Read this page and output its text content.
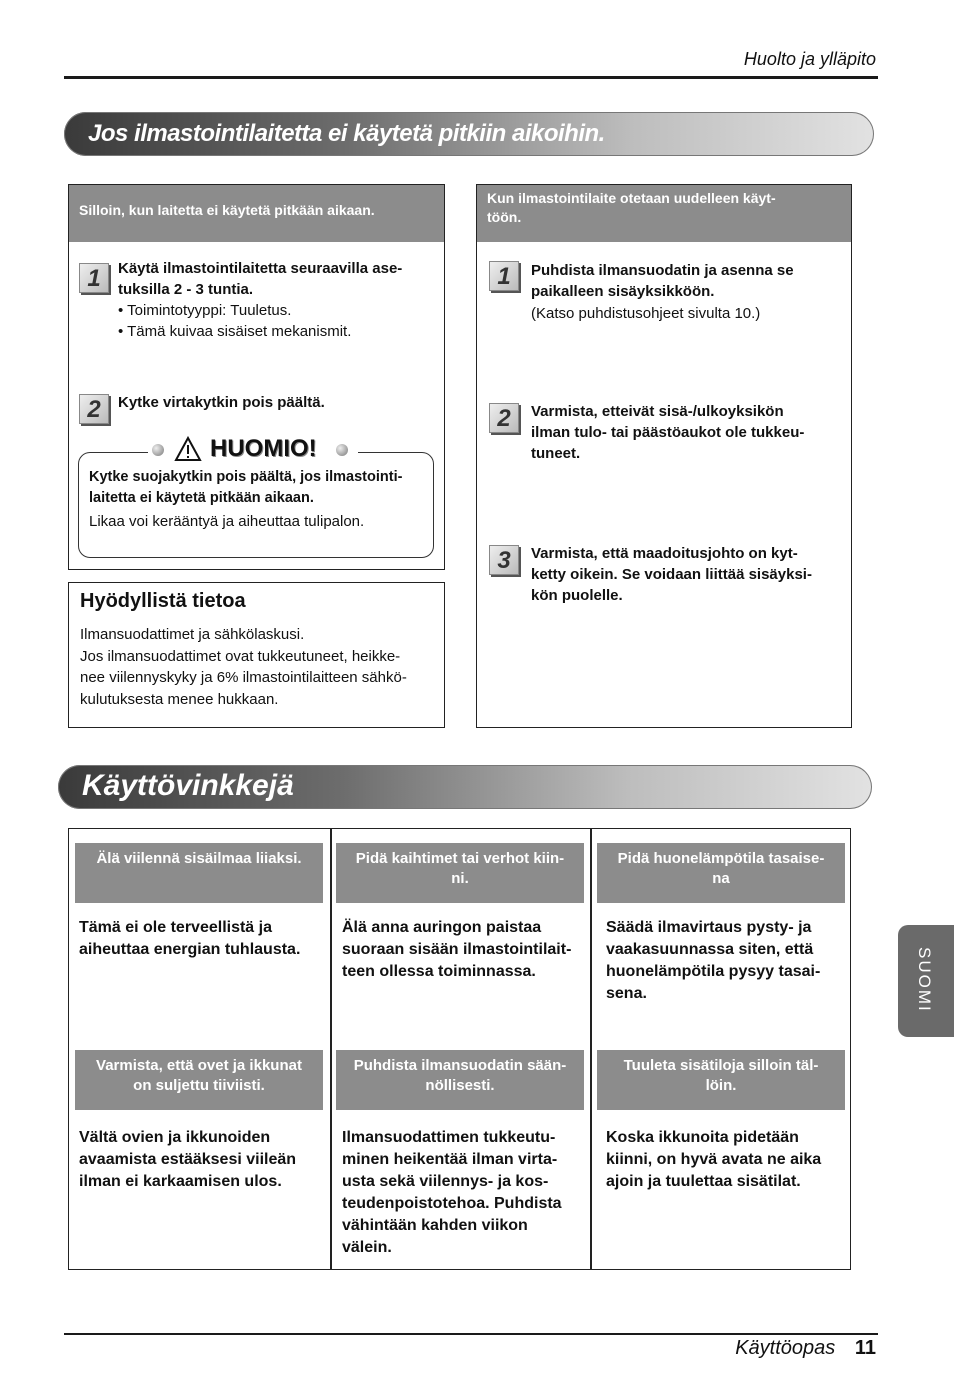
Huolto ja ylläpito
Jos ilmastointilaitetta ei käytetä pitkiin aikoihin.
Silloin, kun laitetta ei käytetä pitkään aikaan.
1	Käytä ilmastointilaitetta seuraavilla ase-
tuksilla 2 - 3 tuntia.
• Toimintotyyppi: Tuuletus.
• Tämä kuivaa sisäiset mekanismit.
2	Kytke virtakytkin pois päältä.
HUOMIO!
Kytke suojakytkin pois päältä, jos ilmastointi-
laitetta ei käytetä pitkään aikaan.
Likaa voi kerääntyä ja aiheuttaa tulipalon.
Hyödyllistä tietoa
Ilmansuodattimet ja sähkölaskusi.
Jos ilmansuodattimet ovat tukkeutuneet, heikke-
nee viilennyskyky ja 6% ilmastointilaitteen sähkö-
kulutuksesta menee hukkaan.
Kun ilmastointilaite otetaan uudelleen käyt-
töön.
1	Puhdista ilmansuodatin ja asenna se
paikalleen sisäyksikköön.
(Katso puhdistusohjeet sivulta 10.)
2	Varmista, etteivät sisä-/ulkoyksikön
ilman tulo- tai päästöaukot ole tukkeu-
tuneet.
3	Varmista, että maadoitusjohto on kyt-
ketty oikein. Se voidaan liittää sisäyksi-
kön puolelle.
Käyttövinkkejä
Älä viilennä sisäilmaa liiaksi.
Tämä ei ole terveellistä ja
aiheuttaa energian tuhlausta.
Pidä kaihtimet tai verhot kiin-
ni.
Älä anna auringon paistaa
suoraan sisään ilmastointilait-
teen ollessa toiminnassa.
Pidä huonelämpötila tasaise-
na
Säädä ilmavirtaus pysty- ja
vaakasuunnassa siten, että
huonelämpötila pysyy tasai-
sena.
Varmista, että ovet ja ikkunat
on suljettu tiiviisti.
Vältä ovien ja ikkunoiden
avaamista estääksesi viileän
ilman ei karkaamisen ulos.
Puhdista ilmansuodatin sään-
nöllisesti.
Ilmansuodattimen tukkeutu-
minen heikentää ilman virta-
usta sekä viilennys- ja kos-
teudenpoistotehoa. Puhdista
vähintään kahden viikon
välein.
Tuuleta sisätiloja silloin täl-
löin.
Koska ikkunoita pidetään
kiinni, on hyvä avata ne aika
ajoin ja tuulettaa sisätilat.
SUOMI
Käyttöopas 11
